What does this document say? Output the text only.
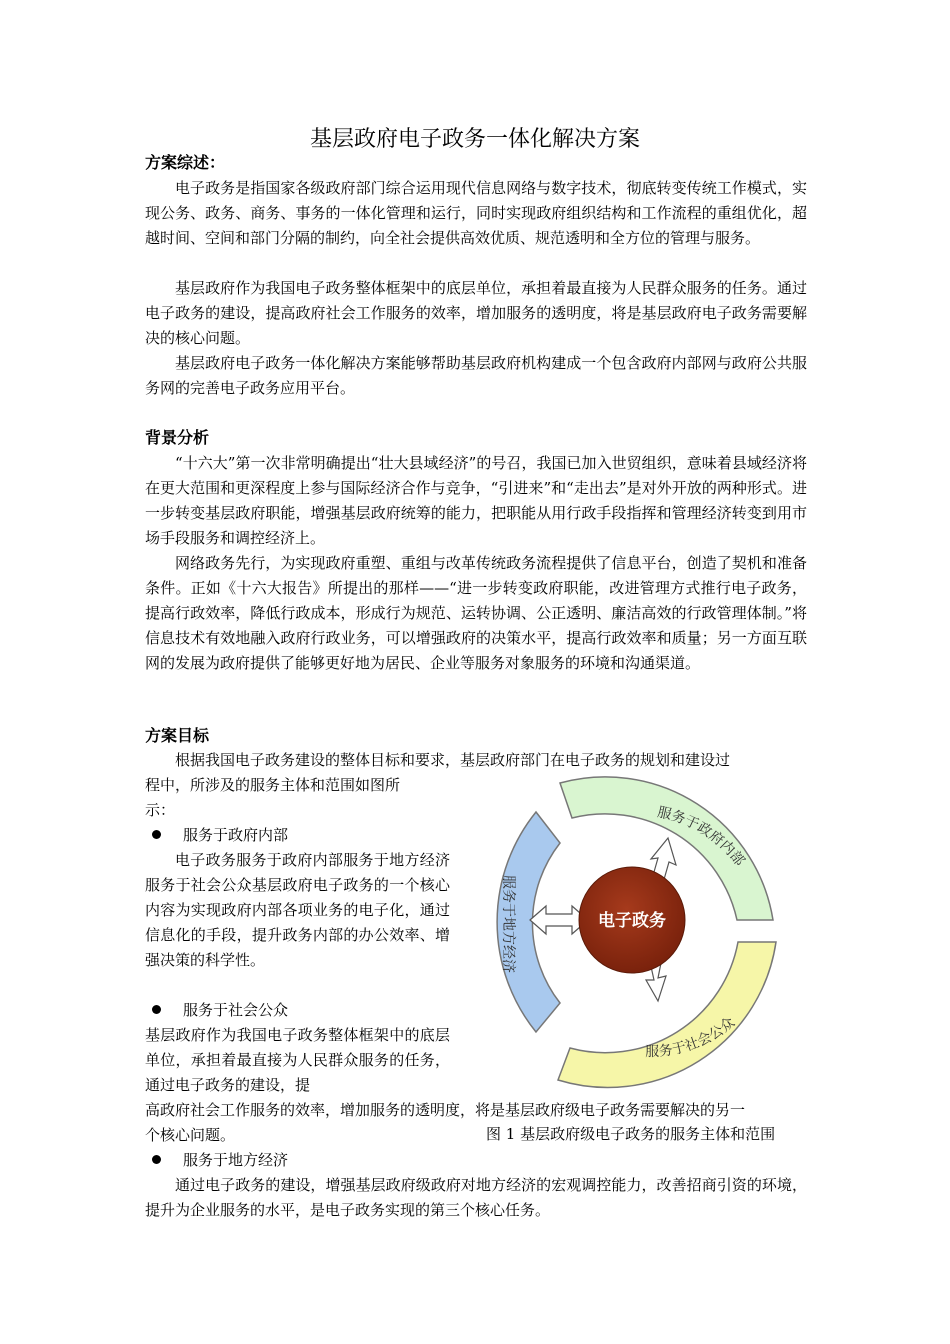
基层政府电子政务一体化解决方案
方案综述：
电子政务是指国家各级政府部门综合运用现代信息网络与数字技术，彻底转变传统工作模式，实现公务、政务、商务、事务的一体化管理和运行，同时实现政府组织结构和工作流程的重组优化，超越时间、空间和部门分隔的制约，向全社会提供高效优质、规范透明和全方位的管理与服务。
基层政府作为我国电子政务整体框架中的底层单位，承担着最直接为人民群众服务的任务。通过电子政务的建设，提高政府社会工作服务的效率，增加服务的透明度，将是基层政府电子政务需要解决的核心问题。
基层政府电子政务一体化解决方案能够帮助基层政府机构建成一个包含政府内部网与政府公共服务网的完善电子政务应用平台。
背景分析
“十六大”第一次非常明确提出“壮大县域经济”的号召，我国已加入世贸组织，意味着县域经济将在更大范围和更深程度上参与国际经济合作与竞争，“引进来”和“走出去”是对外开放的两种形式。进一步转变基层政府职能，增强基层政府统筹的能力，把职能从用行政手段指挥和管理经济转变到用市场手段服务和调控经济上。
网络政务先行，为实现政府重塑、重组与改革传统政务流程提供了信息平台，创造了契机和准备条件。正如《十六大报告》所提出的那样——“进一步转变政府职能，改进管理方式推行电子政务，提高行政效率，降低行政成本，形成行为规范、运转协调、公正透明、廉洁高效的行政管理体制。”将信息技术有效地融入政府行政业务，可以增强政府的决策水平，提高行政效率和质量；另一方面互联网的发展为政府提供了能够更好地为居民、企业等服务对象服务的环境和沟通渠道。
方案目标
根据我国电子政务建设的整体目标和要求，基层政府部门在电子政务的规划和建设过
程中，所涉及的服务主体和范围如图所
示：
服务于政府内部
电子政务服务于政府内部服务于地方经济服务于社会公众基层政府电子政务的一个核心内容为实现政府内部各项业务的电子化，通过信息化的手段，提升政务内部的办公效率、增强决策的科学性。
服务于社会公众
基层政府作为我国电子政务整体框架中的底层单位，承担着最直接为人民群众服务的任务，通过电子政务的建设，提
高政府社会工作服务的效率，增加服务的透明度，将是基层政府级电子政务需要解决的另一
个核心问题。	图 1 基层政府级电子政务的服务主体和范围
服务于地方经济
通过电子政务的建设，增强基层政府级政府对地方经济的宏观调控能力，改善招商引资的环境，提升为企业服务的水平，是电子政务实现的第三个核心任务。
电子政务
服务于政府内部
服务于社会公众
服务于地方经济
